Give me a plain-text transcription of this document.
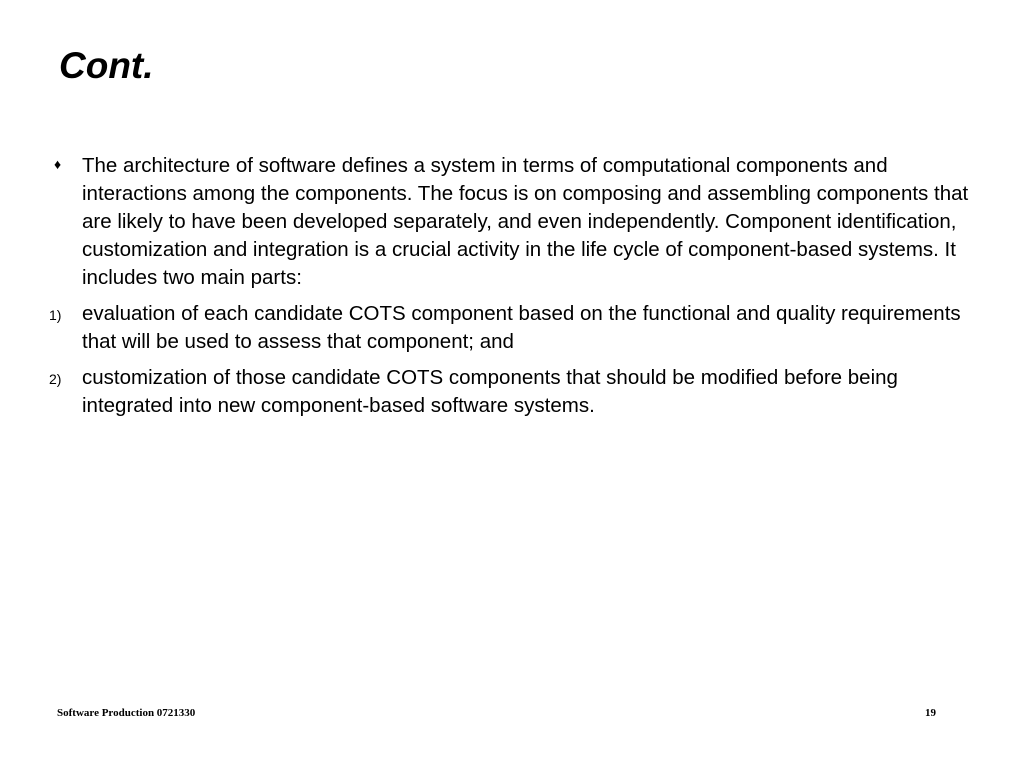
Cont.
♦ The architecture of software defines a system in terms of computational components and interactions among the components. The focus is on composing and assembling components that are likely to have been developed separately, and even independently. Component identification, customization and integration is a crucial activity in the life cycle of component-based systems. It includes two main parts:
1) evaluation of each candidate COTS component based on the functional and quality requirements that will be used to assess that component; and
2) customization of those candidate COTS components that should be modified before being integrated into new component-based software systems.
Software Production 0721330	19
